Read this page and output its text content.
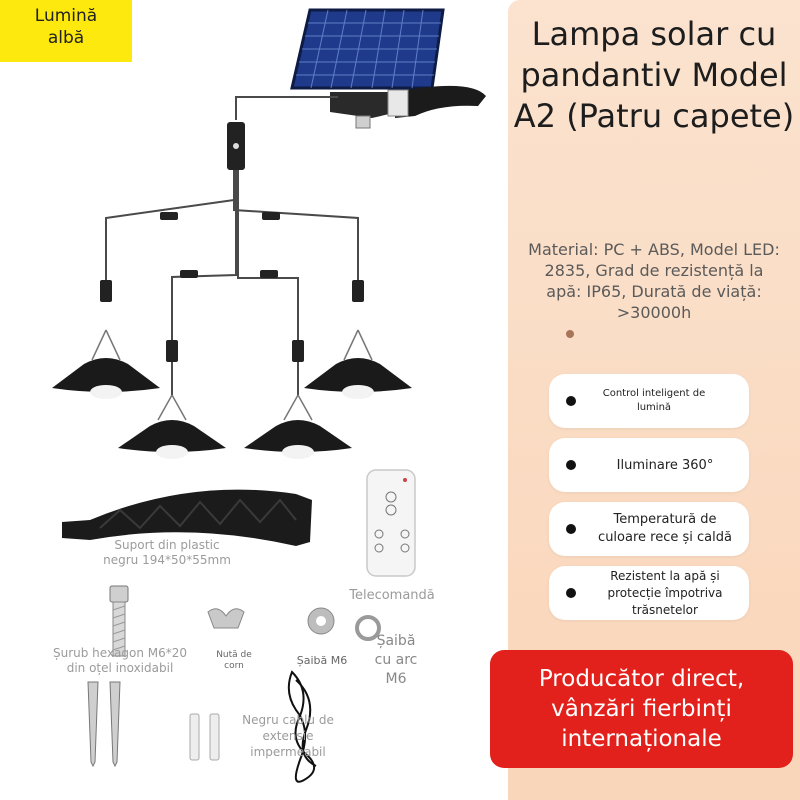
Lumină
albă
Suport din plastic negru 194*50*55mm
Telecomandă
Șurub hexagon M6*20 din oțel inoxidabil
Nută de corn	Șaibă M6
Șaibă cu arc M6
Negru cablu de extensie impermeabil
Lampa solar cu pandantiv Model A2 (Patru capete)
Material: PC + ABS, Model LED: 2835, Grad de rezistență la apă: IP65, Durată de viață: >30000h
Control inteligent de lumină
Iluminare 360°
Temperatură de culoare rece și caldă
Rezistent la apă și protecție împotriva trăsnetelor
Producător direct, vânzări fierbinți internaționale
